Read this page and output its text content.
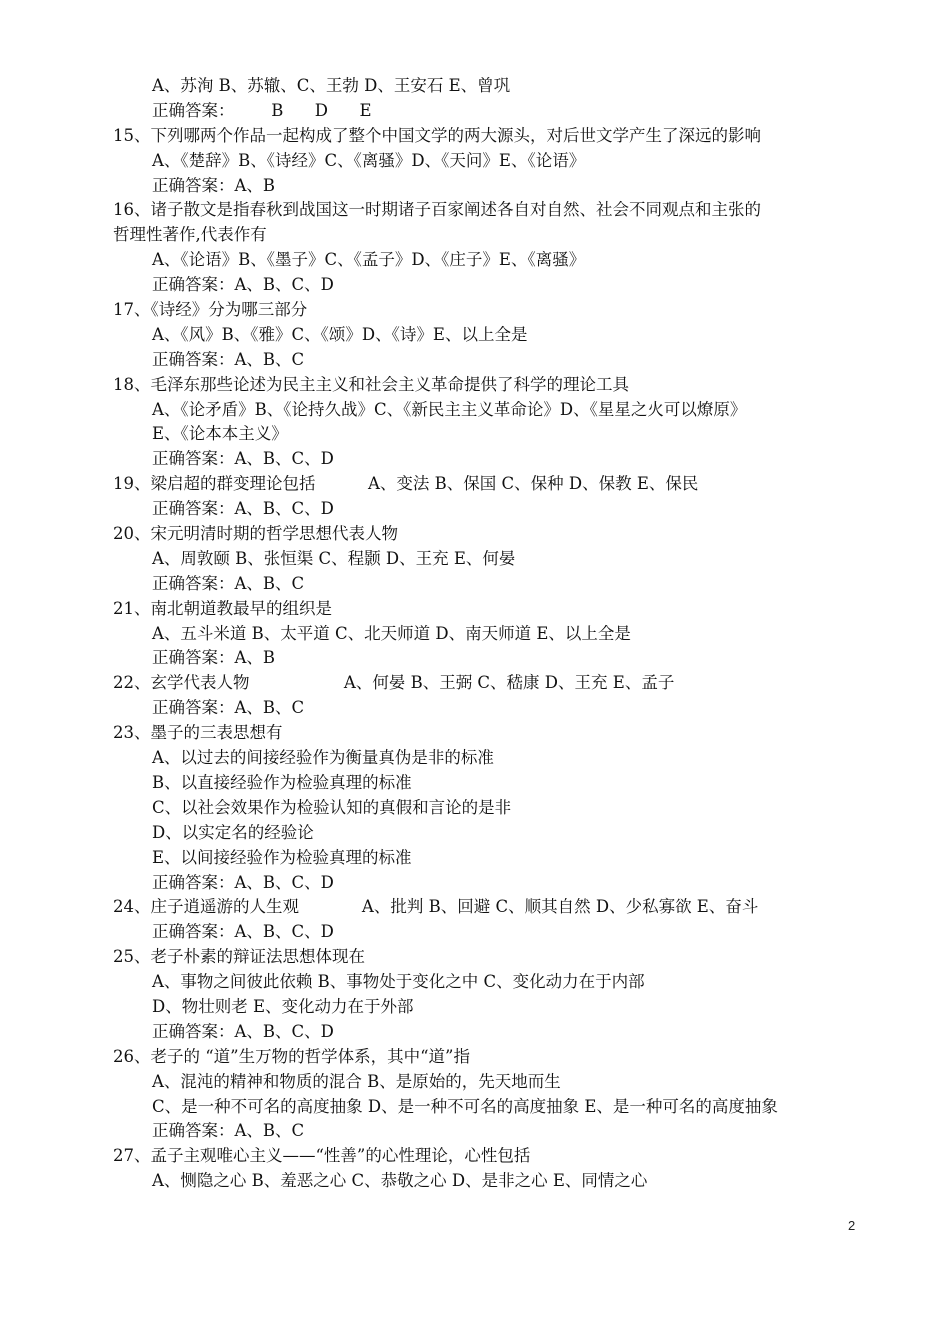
A、苏洵 B、苏辙、C、王勃 D、王安石 E、曾巩
正确答案：       B      D      E
15、下列哪两个作品一起构成了整个中国文学的两大源头，对后世文学产生了深远的影响
A、《楚辞》B、《诗经》C、《离骚》D、《天问》E、《论语》
正确答案：A、B
16、诸子散文是指春秋到战国这一时期诸子百家阐述各自对自然、社会不同观点和主张的
哲理性著作,代表作有
A、《论语》B、《墨子》C、《孟子》D、《庄子》E、《离骚》
正确答案：A、B、C、D
17、《诗经》分为哪三部分
A、《风》B、《雅》C、《颂》D、《诗》E、以上全是
正确答案：A、B、C
18、毛泽东那些论述为民主主义和社会主义革命提供了科学的理论工具
A、《论矛盾》B、《论持久战》C、《新民主主义革命论》D、《星星之火可以燎原》
E、《论本本主义》
正确答案：A、B、C、D
19、梁启超的群变理论包括          A、变法 B、保国 C、保种 D、保教 E、保民
正确答案：A、B、C、D
20、宋元明清时期的哲学思想代表人物
A、周敦颐 B、张恒渠 C、程颢 D、王充 E、何晏
正确答案：A、B、C
21、南北朝道教最早的组织是
A、五斗米道 B、太平道 C、北天师道 D、南天师道 E、以上全是
正确答案：A、B
22、玄学代表人物                  A、何晏 B、王弼 C、嵇康 D、王充 E、孟子
正确答案：A、B、C
23、墨子的三表思想有
A、以过去的间接经验作为衡量真伪是非的标准
B、以直接经验作为检验真理的标准
C、以社会效果作为检验认知的真假和言论的是非
D、以实定名的经验论
E、以间接经验作为检验真理的标准
正确答案：A、B、C、D
24、庄子逍遥游的人生观            A、批判 B、回避 C、顺其自然 D、少私寡欲 E、奋斗
正确答案：A、B、C、D
25、老子朴素的辩证法思想体现在
A、事物之间彼此依赖 B、事物处于变化之中 C、变化动力在于内部
D、物壮则老 E、变化动力在于外部
正确答案：A、B、C、D
26、老子的 “道”生万物的哲学体系，其中“道”指
A、混沌的精神和物质的混合 B、是原始的，先天地而生
C、是一种不可名的高度抽象 D、是一种不可名的高度抽象 E、是一种可名的高度抽象
正确答案：A、B、C
27、孟子主观唯心主义——“性善”的心性理论，心性包括
A、恻隐之心 B、羞恶之心 C、恭敬之心 D、是非之心 E、同情之心
2
